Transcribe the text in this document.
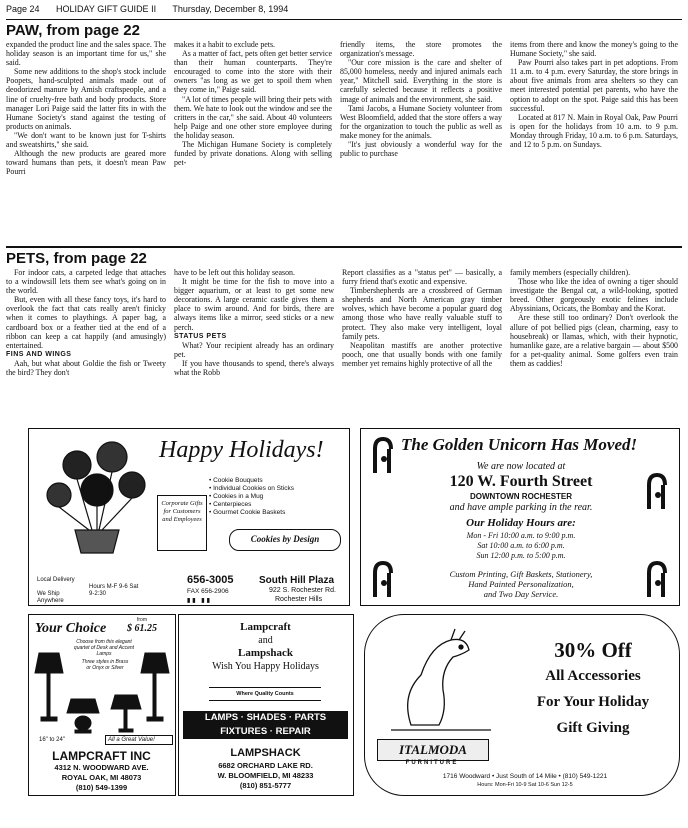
Page 24 HOLIDAY GIFT GUIDE II Thursday, December 8, 1994
PAW, from page 22

expanded the product line and the sales space. The holiday season is an important time for us," she said.

Some new additions to the shop's stock include Poopets, hand-sculpted animals made out of deodorized manure by Amish craftspeople, and a line of cruelty-free bath and body products. Store manager Lori Paige said the latter fits in with the Humane Society's stand against the testing of products on animals.

"We don't want to be known just for T-shirts and sweatshirts," she said.

Although the new products are geared more toward humans than pets, it doesn't mean Paw Pourri

makes it a habit to exclude pets.

As a matter of fact, pets often get better service than their human counterparts. They're encouraged to come into the store with their owners "as long as we get to spoil them when they come in," Paige said.

"A lot of times people will bring their pets with them. We hate to look out the window and see the critters in the car," she said. About 40 volunteers help Paige and one other store employee during the holiday season.

The Michigan Humane Society is completely funded by private donations. Along with selling pet-

friendly items, the store promotes the organization's message.

"Our core mission is the care and shelter of 85,000 homeless, needy and injured animals each year," Mitchell said. Everything in the store is carefully selected because it reflects a positive image of animals and the environment, she said.

Tami Jacobs, a Humane Society volunteer from West Bloomfield, added that the store offers a way for the organization to touch the public as well as make money for the animals.

"It's just obviously a wonderful way for the public to purchase

items from there and know the money's going to the Humane Society," she said.

Paw Pourri also takes part in pet adoptions. From 11 a.m. to 4 p.m. every Saturday, the store brings in about five animals from area shelters so they can meet interested potential pet parents, who have the option to adopt on the spot. Paige said this has been successful.

Located at 817 N. Main in Royal Oak, Paw Pourri is open for the holidays from 10 a.m. to 9 p.m. Monday through Friday, 10 a.m. to 6 p.m. Saturdays, and 12 to 5 p.m. on Sundays.

PETS, from page 22

For indoor cats, a carpeted ledge that attaches to a windowsill lets them see what's going on in the world.

But, even with all these fancy toys, it's hard to overlook the fact that cats really aren't finicky when it comes to playthings. A paper bag, a cardboard box or a feather tied at the end of a ribbon can keep a cat happily (and amusingly) entertained.

FINS AND WINGS

Aah, but what about Goldie the fish or Tweety the bird? They don't

have to be left out this holiday season.

It might be time for the fish to move into a bigger aquarium, or at least to get some new decorations. A large ceramic castle gives them a place to swim around. And for birds, there are always items like a mirror, seed sticks or a new perch.

STATUS PETS

What? Your recipient already has an ordinary pet.

If you have thousands to spend, there's always what the Robb

Report classifies as a "status pet" — basically, a furry friend that's exotic and expensive.

Timbershepherds are a crossbreed of German shepherds and North American gray timber wolves, which have become a popular guard dog among those who have really valuable stuff to protect. They also make very intelligent, loyal family pets.

Neapolitan mastiffs are another protective pooch, one that usually bonds with one family member yet remains highly protective of all the

family members (especially children).

Those who like the idea of owning a tiger should investigate the Bengal cat, a wild-looking, spotted breed. Other gorgeously exotic felines include Abyssinians, Ocicats, the Bombay and the Korat.

Are these still too ordinary? Don't overlook the allure of pot bellied pigs (clean, charming, easy to housebreak) or llamas, which, with their hypnotic, humanlike gaze, are a relative bargain — about $500 for a pet-quality animal. Some golfers even train them as caddies!

Happy Holidays!
• Cookie Bouquets
• Individual Cookies on Sticks
• Cookies in a Mug
• Centerpieces
• Gourmet Cookie Baskets
Corporate Gifts for Customers and Employees
Cookies by Design
Local Delivery
We Ship Anywhere
Hours M-F 9-6 Sat 9-2:30
656-3005
FAX 656-2906
▮▮ ▮▮
South Hill Plaza
922 S. Rochester Rd.
Rochester Hills
The Golden Unicorn Has Moved!
We are now located at
120 W. Fourth Street
DOWNTOWN ROCHESTER
and have ample parking in the rear.
Our Holiday Hours are:
Mon - Fri 10:00 a.m. to 9:00 p.m.
Sat 10:00 a.m. to 6:00 p.m.
Sun 12:00 p.m. to 5:00 p.m.
Custom Printing, Gift Baskets, Stationery,
Hand Painted Personalization,
and Two Day Service.
Your Choice
from
$ 61.25
Choose from this elegant quartet of Desk and Accent Lamps
Three styles in Brass or Onyx or Silver
16" to 24"	All a Great Value!
LAMPCRAFT INC
4312 N. WOODWARD AVE.
ROYAL OAK, MI 48073
(810) 549-1399
Lampcraft
and
Lampshack
Wish You Happy Holidays
Where Quality Counts
LAMPS · SHADES · PARTS
FIXTURES · REPAIR
LAMPSHACK
6682 ORCHARD LAKE RD.
W. BLOOMFIELD, MI 48233
(810) 851-5777
ITALMODA
FURNITURE
30% Off
All Accessories
For Your Holiday
Gift Giving
1716 Woodward • Just South of 14 Mile • (810) 549-1221
Hours: Mon-Fri 10-9 Sat 10-6 Sun 12-5
